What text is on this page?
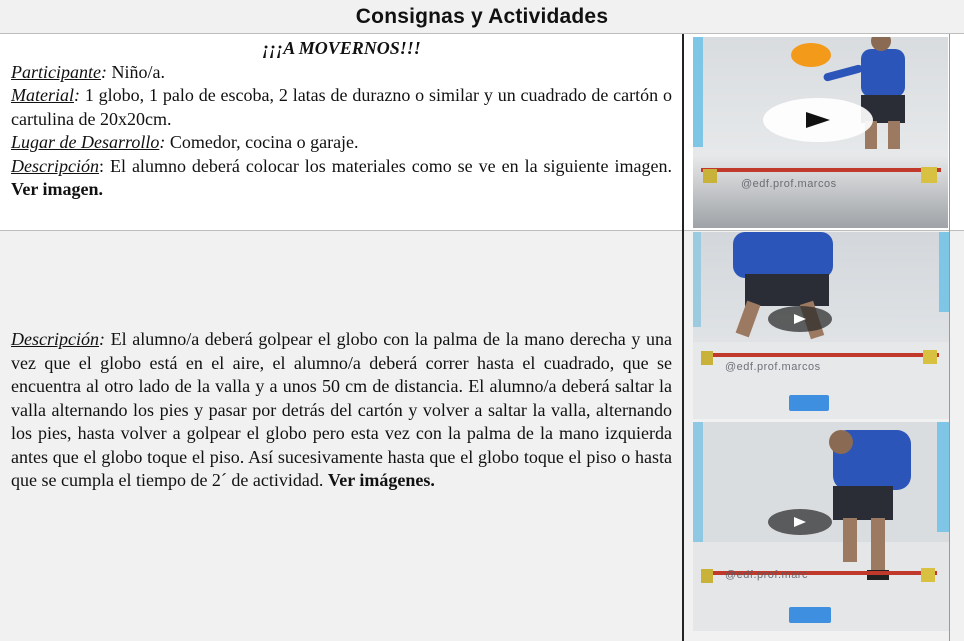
Consignas y Actividades
¡¡¡A MOVERNOS!!!
Participante: Niño/a.
Material: 1 globo, 1 palo de escoba, 2 latas de durazno o similar y un cuadrado de cartón o cartulina de 20x20cm.
Lugar de Desarrollo: Comedor, cocina o garaje.
Descripción: El alumno deberá colocar los materiales como se ve en la siguiente imagen. Ver imagen.
Descripción: El alumno/a deberá golpear el globo con la palma de la mano derecha y una vez que el globo está en el aire, el alumno/a deberá correr hasta el cuadrado, que se encuentra al otro lado de la valla y a unos 50 cm de distancia. El alumno/a deberá saltar la valla alternando los pies y pasar por detrás del cartón y volver a saltar la valla, alternando los pies, hasta volver a golpear el globo pero esta vez con la palma de la mano izquierda antes que el globo toque el piso. Así sucesivamente hasta que el globo toque el piso o hasta que se cumpla el tiempo de 2´ de actividad. Ver imágenes.
@edf.prof.marcos
@edf.prof.marcos
@edf.prof.marc
